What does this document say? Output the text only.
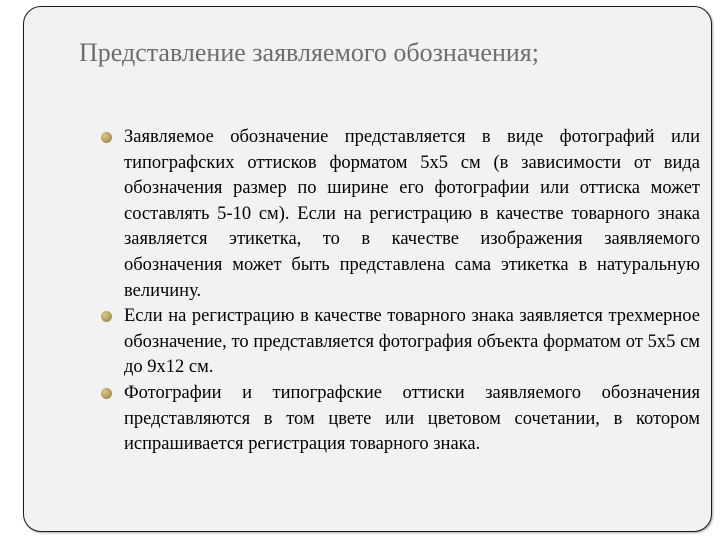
Представление заявляемого обозначения;
Заявляемое обозначение представляется в виде фотографий или типографских оттисков форматом 5х5 см (в зависимости от вида обозначения размер по ширине его фотографии или оттиска может составлять 5-10 см). Если на регистрацию в качестве товарного знака заявляется этикетка, то в качестве изображения заявляемого обозначения может быть представлена сама этикетка в натуральную величину.
Если на регистрацию в качестве товарного знака заявляется трехмерное обозначение, то представляется фотография объекта форматом от 5х5 см до 9х12 см.
Фотографии и типографские оттиски заявляемого обозначения представляются в том цвете или цветовом сочетании, в котором испрашивается регистрация товарного знака.
